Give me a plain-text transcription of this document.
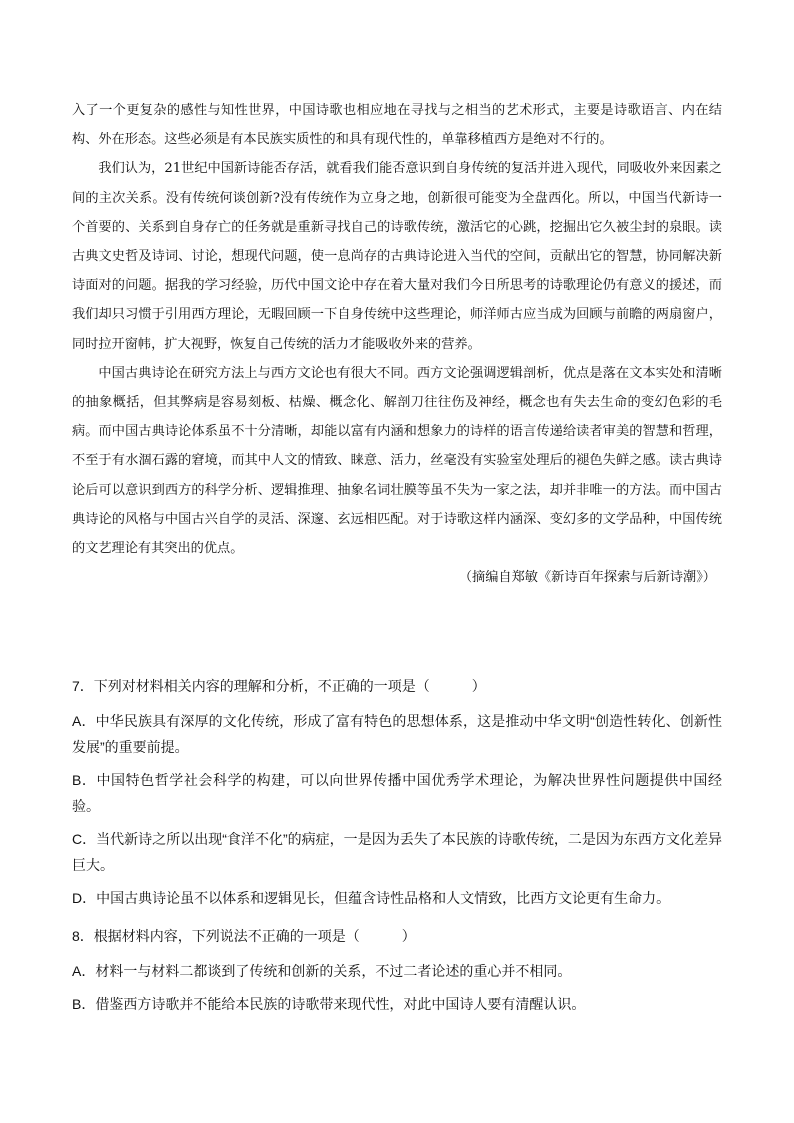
入了一个更复杂的感性与知性世界，中国诗歌也相应地在寻找与之相当的艺术形式，主要是诗歌语言、内在结构、外在形态。这些必须是有本民族实质性的和具有现代性的，单靠移植西方是绝对不行的。

我们认为，21世纪中国新诗能否存活，就看我们能否意识到自身传统的复活并进入现代，同吸收外来因素之间的主次关系。没有传统何谈创新?没有传统作为立身之地，创新很可能变为全盘西化。所以，中国当代新诗一个首要的、关系到自身存亡的任务就是重新寻找自己的诗歌传统，激活它的心跳，挖掘出它久被尘封的泉眼。读古典文史哲及诗词、讨论，想现代问题，使一息尚存的古典诗论进入当代的空间，贡献出它的智慧，协同解决新诗面对的问题。据我的学习经验，历代中国文论中存在着大量对我们今日所思考的诗歌理论仍有意义的援述，而我们却只习惯于引用西方理论，无暇回顾一下自身传统中这些理论，师洋师古应当成为回顾与前瞻的两扇窗户，同时拉开窗帏，扩大视野，恢复自己传统的活力才能吸收外来的营养。

中国古典诗论在研究方法上与西方文论也有很大不同。西方文论强调逻辑剖析，优点是落在文本实处和清晰的抽象概括，但其弊病是容易刻板、枯燥、概念化、解剖刀往往伤及神经，概念也有失去生命的变幻色彩的毛病。而中国古典诗论体系虽不十分清晰，却能以富有内涵和想象力的诗样的语言传递给读者审美的智慧和哲理，不至于有水涸石露的窘境，而其中人文的情致、睐意、活力，丝毫没有实验室处理后的褪色失鲜之感。读古典诗论后可以意识到西方的科学分析、逻辑推理、抽象名词壮膜等虽不失为一家之法，却并非唯一的方法。而中国古典诗论的风格与中国古兴自学的灵活、深邃、玄远相匹配。对于诗歌这样内涵深、变幻多的文学品种，中国传统的文艺理论有其突出的优点。

（摘编自郑敏《新诗百年探索与后新诗潮》）

7．下列对材料相关内容的理解和分析，不正确的一项是（　　　）

A．中华民族具有深厚的文化传统，形成了富有特色的思想体系，这是推动中华文明“创造性转化、创新性发展”的重要前提。

B．中国特色哲学社会科学的构建，可以向世界传播中国优秀学术理论，为解决世界性问题提供中国经验。

C．当代新诗之所以出现“食洋不化”的病症，一是因为丢失了本民族的诗歌传统，二是因为东西方文化差异巨大。

D．中国古典诗论虽不以体系和逻辑见长，但蕴含诗性品格和人文情致，比西方文论更有生命力。

8．根据材料内容，下列说法不正确的一项是（　　　）

A．材料一与材料二都谈到了传统和创新的关系，不过二者论述的重心并不相同。

B．借鉴西方诗歌并不能给本民族的诗歌带来现代性，对此中国诗人要有清醒认识。
